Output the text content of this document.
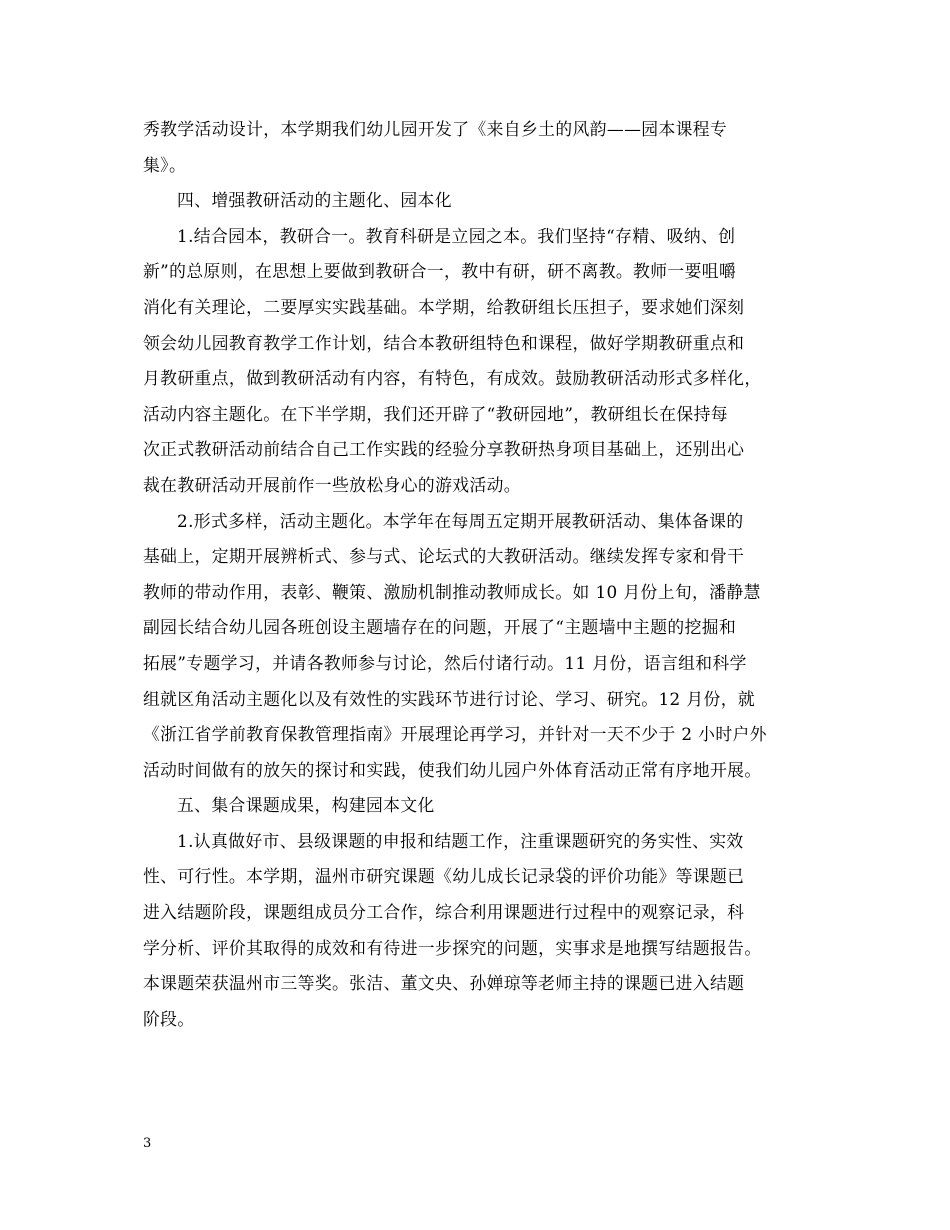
秀教学活动设计，本学期我们幼儿园开发了《来自乡土的风韵——园本课程专
集》。
四、增强教研活动的主题化、园本化
1.结合园本，教研合一。教育科研是立园之本。我们坚持“存精、吸纳、创
新”的总原则，在思想上要做到教研合一，教中有研，研不离教。教师一要咀嚼
消化有关理论，二要厚实实践基础。本学期，给教研组长压担子，要求她们深刻
领会幼儿园教育教学工作计划，结合本教研组特色和课程，做好学期教研重点和
月教研重点，做到教研活动有内容，有特色，有成效。鼓励教研活动形式多样化，
活动内容主题化。在下半学期，我们还开辟了“教研园地”，教研组长在保持每
次正式教研活动前结合自己工作实践的经验分享教研热身项目基础上，还别出心
裁在教研活动开展前作一些放松身心的游戏活动。
2.形式多样，活动主题化。本学年在每周五定期开展教研活动、集体备课的
基础上，定期开展辨析式、参与式、论坛式的大教研活动。继续发挥专家和骨干
教师的带动作用，表彰、鞭策、激励机制推动教师成长。如 10 月份上旬，潘静慧
副园长结合幼儿园各班创设主题墙存在的问题，开展了“主题墙中主题的挖掘和
拓展”专题学习，并请各教师参与讨论，然后付诸行动。11 月份，语言组和科学
组就区角活动主题化以及有效性的实践环节进行讨论、学习、研究。12 月份，就
《浙江省学前教育保教管理指南》开展理论再学习，并针对一天不少于 2 小时户外
活动时间做有的放矢的探讨和实践，使我们幼儿园户外体育活动正常有序地开展。
五、集合课题成果，构建园本文化
1.认真做好市、县级课题的申报和结题工作，注重课题研究的务实性、实效
性、可行性。本学期，温州市研究课题《幼儿成长记录袋的评价功能》等课题已
进入结题阶段，课题组成员分工合作，综合利用课题进行过程中的观察记录，科
学分析、评价其取得的成效和有待进一步探究的问题，实事求是地撰写结题报告。
本课题荣获温州市三等奖。张洁、董文央、孙婵琼等老师主持的课题已进入结题
阶段。
3
